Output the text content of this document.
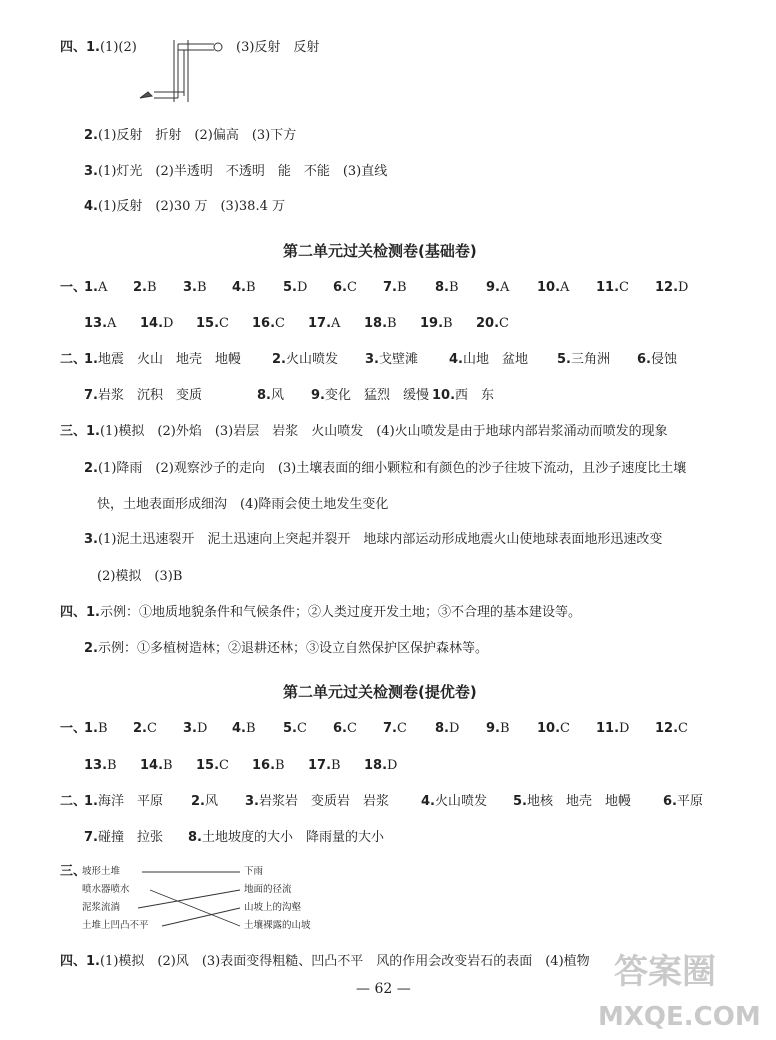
四、1.(1)(2)	(3)反射　反射
2.(1)反射　折射　(2)偏高　(3)下方
3.(1)灯光　(2)半透明　不透明　能　不能　(3)直线
4.(1)反射　(2)30 万　(3)38.4 万
第二单元过关检测卷(基础卷)
一、
1.A 2.B 3.B 4.B 5.D 6.C 7.B 8.B 9.A 10.A 11.C 12.D
13.A 14.D 15.C 16.C 17.A 18.B 19.B 20.C
二、
1.地震　火山　地壳　地幔 2.火山喷发 3.戈壁滩 4.山地　盆地 5.三角洲 6.侵蚀
7.岩浆　沉积　变质	8.风 9.变化　猛烈　缓慢 10.西　东
三、1.(1)模拟　(2)外焰　(3)岩层　岩浆　火山喷发　(4)火山喷发是由于地球内部岩浆涌动而喷发的现象
2.(1)降雨　(2)观察沙子的走向　(3)土壤表面的细小颗粒和有颜色的沙子往坡下流动，且沙子速度比土壤
快，土地表面形成细沟　(4)降雨会使土地发生变化
3.(1)泥土迅速裂开　泥土迅速向上突起并裂开　地球内部运动形成地震火山使地球表面地形迅速改变
(2)模拟　(3)B
四、1.示例：①地质地貌条件和气候条件；②人类过度开发土地；③不合理的基本建设等。
2.示例：①多植树造林；②退耕还林；③设立自然保护区保护森林等。
第二单元过关检测卷(提优卷)
一、
1.B 2.C 3.D 4.B 5.C 6.C 7.C 8.D 9.B 10.C 11.D 12.C
13.B 14.B 15.C 16.B 17.B 18.D
二、
1.海洋　平原 2.风 3.岩浆岩　变质岩　岩浆 4.火山喷发 5.地核　地壳　地幔 6.平原
7.碰撞　拉张 8.土地坡度的大小　降雨量的大小
三、
坡形土堆
喷水器喷水
泥浆流淌
土堆上凹凸不平
下雨
地面的径流
山坡上的沟壑
土壤裸露的山坡
四、1.(1)模拟　(2)风　(3)表面变得粗糙、凹凸不平　风的作用会改变岩石的表面　(4)植物
— 62 —	答案圈
MXQE.COM
